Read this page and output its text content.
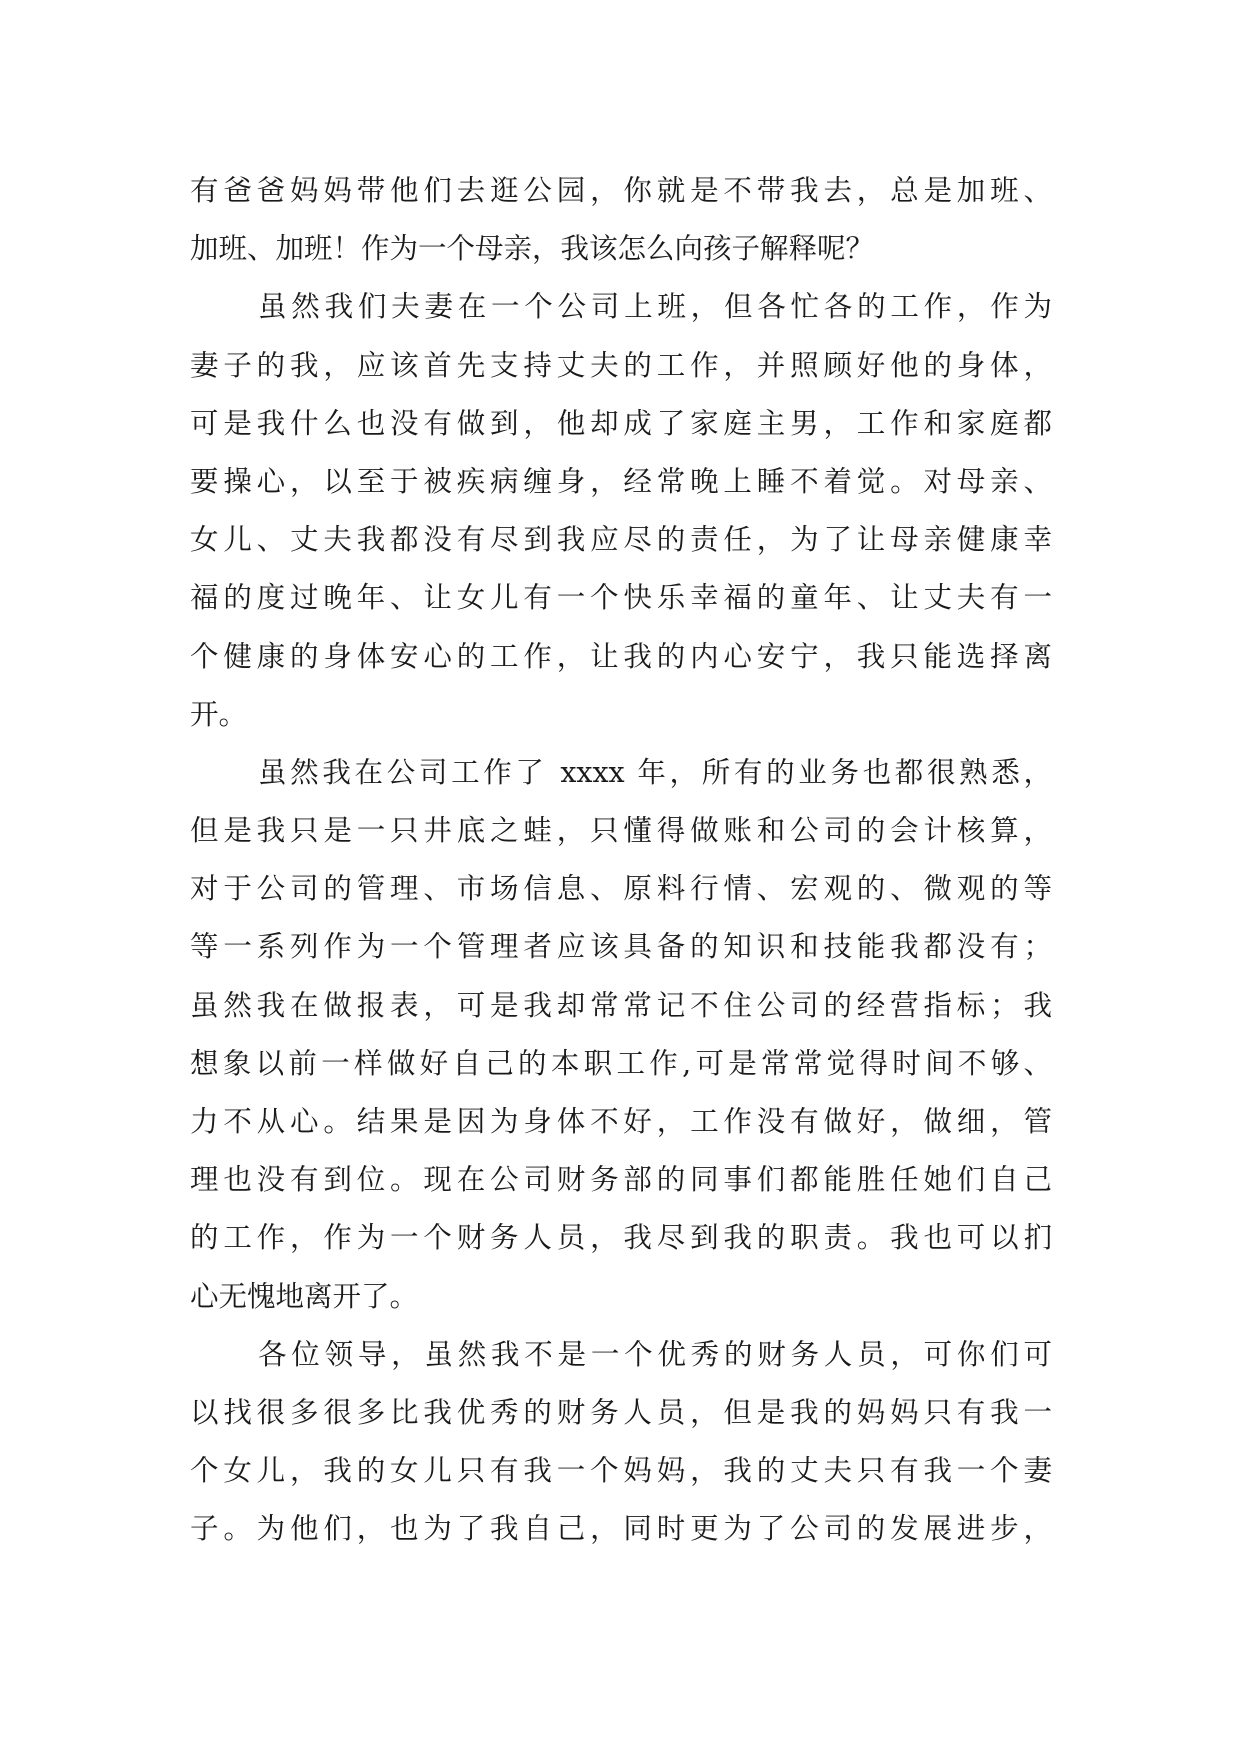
有爸爸妈妈带他们去逛公园，你就是不带我去，总是加班、
加班、加班！作为一个母亲，我该怎么向孩子解释呢？
虽然我们夫妻在一个公司上班，但各忙各的工作，作为
妻子的我，应该首先支持丈夫的工作，并照顾好他的身体，
可是我什么也没有做到，他却成了家庭主男，工作和家庭都
要操心，以至于被疾病缠身，经常晚上睡不着觉。对母亲、
女儿、丈夫我都没有尽到我应尽的责任，为了让母亲健康幸
福的度过晚年、让女儿有一个快乐幸福的童年、让丈夫有一
个健康的身体安心的工作，让我的内心安宁，我只能选择离
开。
虽然我在公司工作了 xxxx 年，所有的业务也都很熟悉，
但是我只是一只井底之蛙，只懂得做账和公司的会计核算，
对于公司的管理、市场信息、原料行情、宏观的、微观的等
等一系列作为一个管理者应该具备的知识和技能我都没有；
虽然我在做报表，可是我却常常记不住公司的经营指标；我
想象以前一样做好自己的本职工作,可是常常觉得时间不够、
力不从心。结果是因为身体不好，工作没有做好，做细，管
理也没有到位。现在公司财务部的同事们都能胜任她们自己
的工作，作为一个财务人员，我尽到我的职责。我也可以扪
心无愧地离开了。
各位领导，虽然我不是一个优秀的财务人员，可你们可
以找很多很多比我优秀的财务人员，但是我的妈妈只有我一
个女儿，我的女儿只有我一个妈妈，我的丈夫只有我一个妻
子。为他们，也为了我自己，同时更为了公司的发展进步，
